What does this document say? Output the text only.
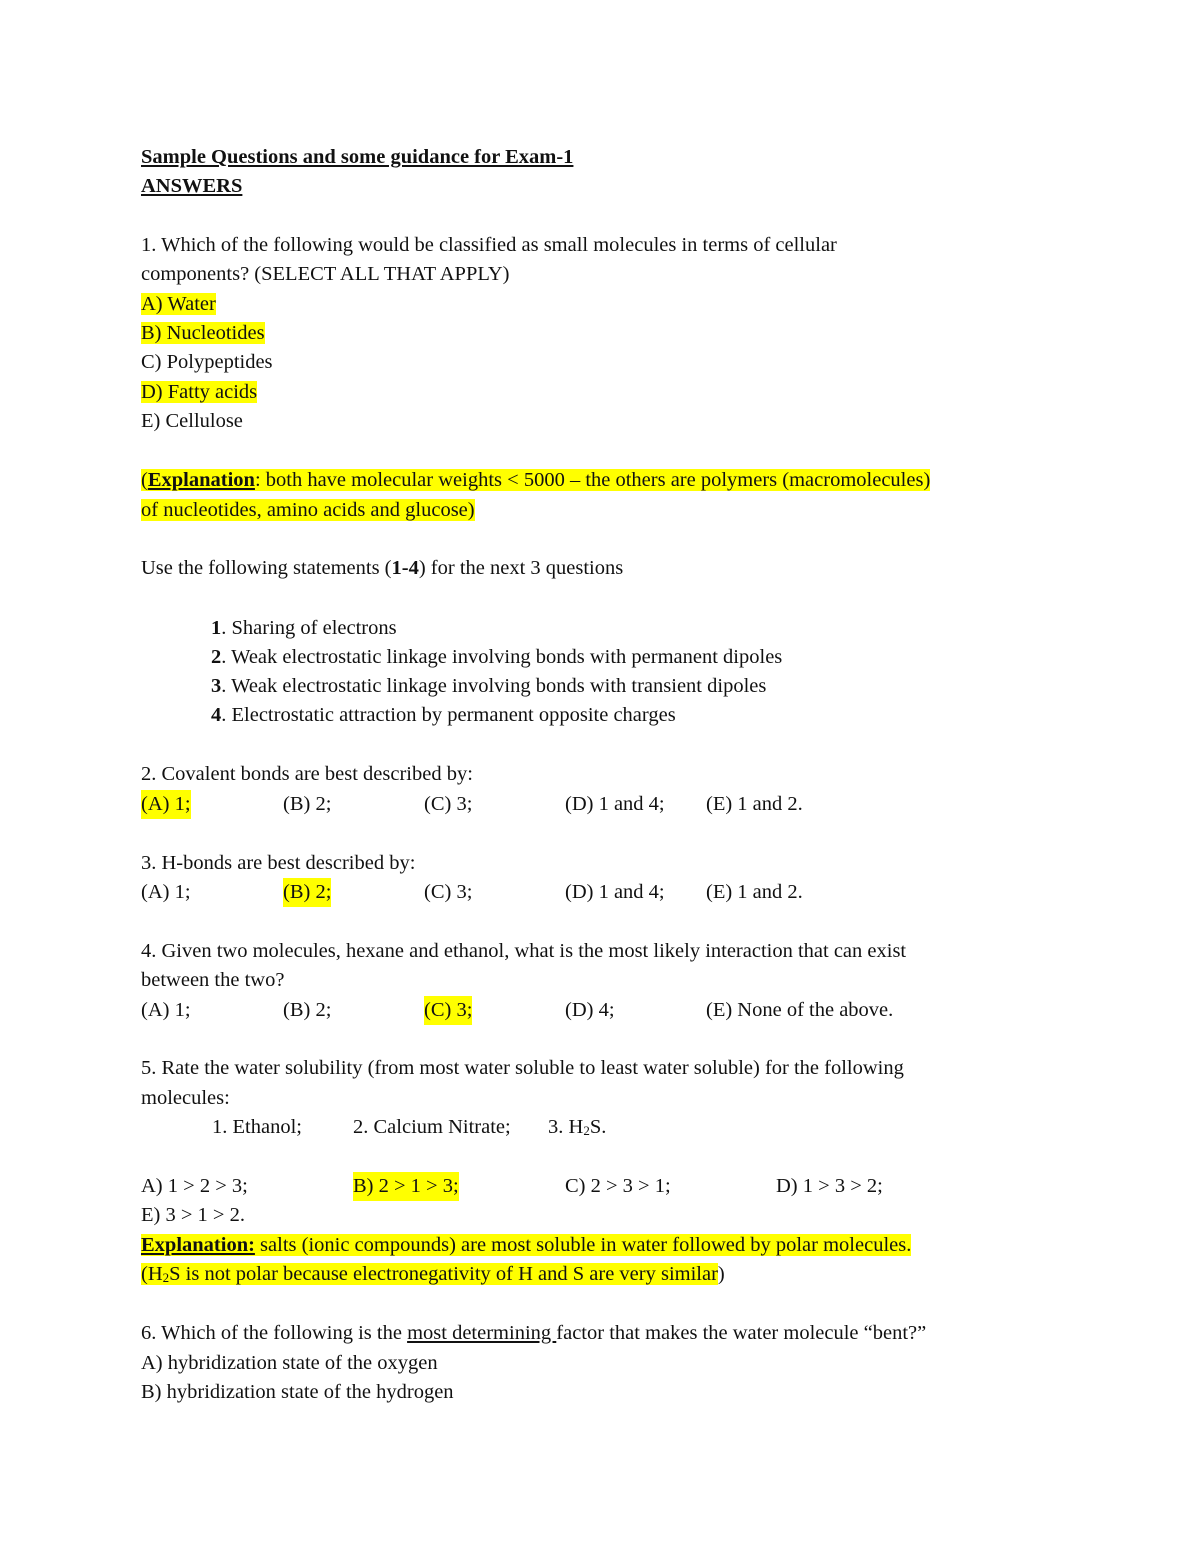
Sample Questions and some guidance for Exam-1
ANSWERS
1. Which of the following would be classified as small molecules in terms of cellular
components? (SELECT ALL THAT APPLY)
A) Water
B) Nucleotides
C) Polypeptides
D) Fatty acids
E) Cellulose
(Explanation: both have molecular weights < 5000 – the others are polymers (macromolecules)
of nucleotides, amino acids and glucose)
Use the following statements (1-4) for the next 3 questions
1. Sharing of electrons
2. Weak electrostatic linkage involving bonds with permanent dipoles
3. Weak electrostatic linkage involving bonds with transient dipoles
4. Electrostatic attraction by permanent opposite charges
2. Covalent bonds are best described by:
(A) 1;	(B) 2;	(C) 3;	(D) 1 and 4; (E) 1 and 2.
3. H-bonds are best described by:
(A) 1;	(B) 2;	(C) 3;	(D) 1 and 4; (E) 1 and 2.
4. Given two molecules, hexane and ethanol, what is the most likely interaction that can exist
between the two?
(A) 1;	(B) 2;	(C) 3;	(D) 4;	(E) None of the above.
5. Rate the water solubility (from most water soluble to least water soluble) for the following
molecules:
1. Ethanol; 2. Calcium Nitrate; 3. $H_2S$.
A) 1 > 2 > 3;	B) 2 > 1 > 3;	C) 2 > 3 > 1;	D) 1 > 3 > 2;
E) 3 > 1 > 2.
Explanation: salts (ionic compounds) are most soluble in water followed by polar molecules.
($H_2S$ is not polar because electronegativity of H and S are very similar)
6. Which of the following is the most determining factor that makes the water molecule “bent?”
A) hybridization state of the oxygen
B) hybridization state of the hydrogen
